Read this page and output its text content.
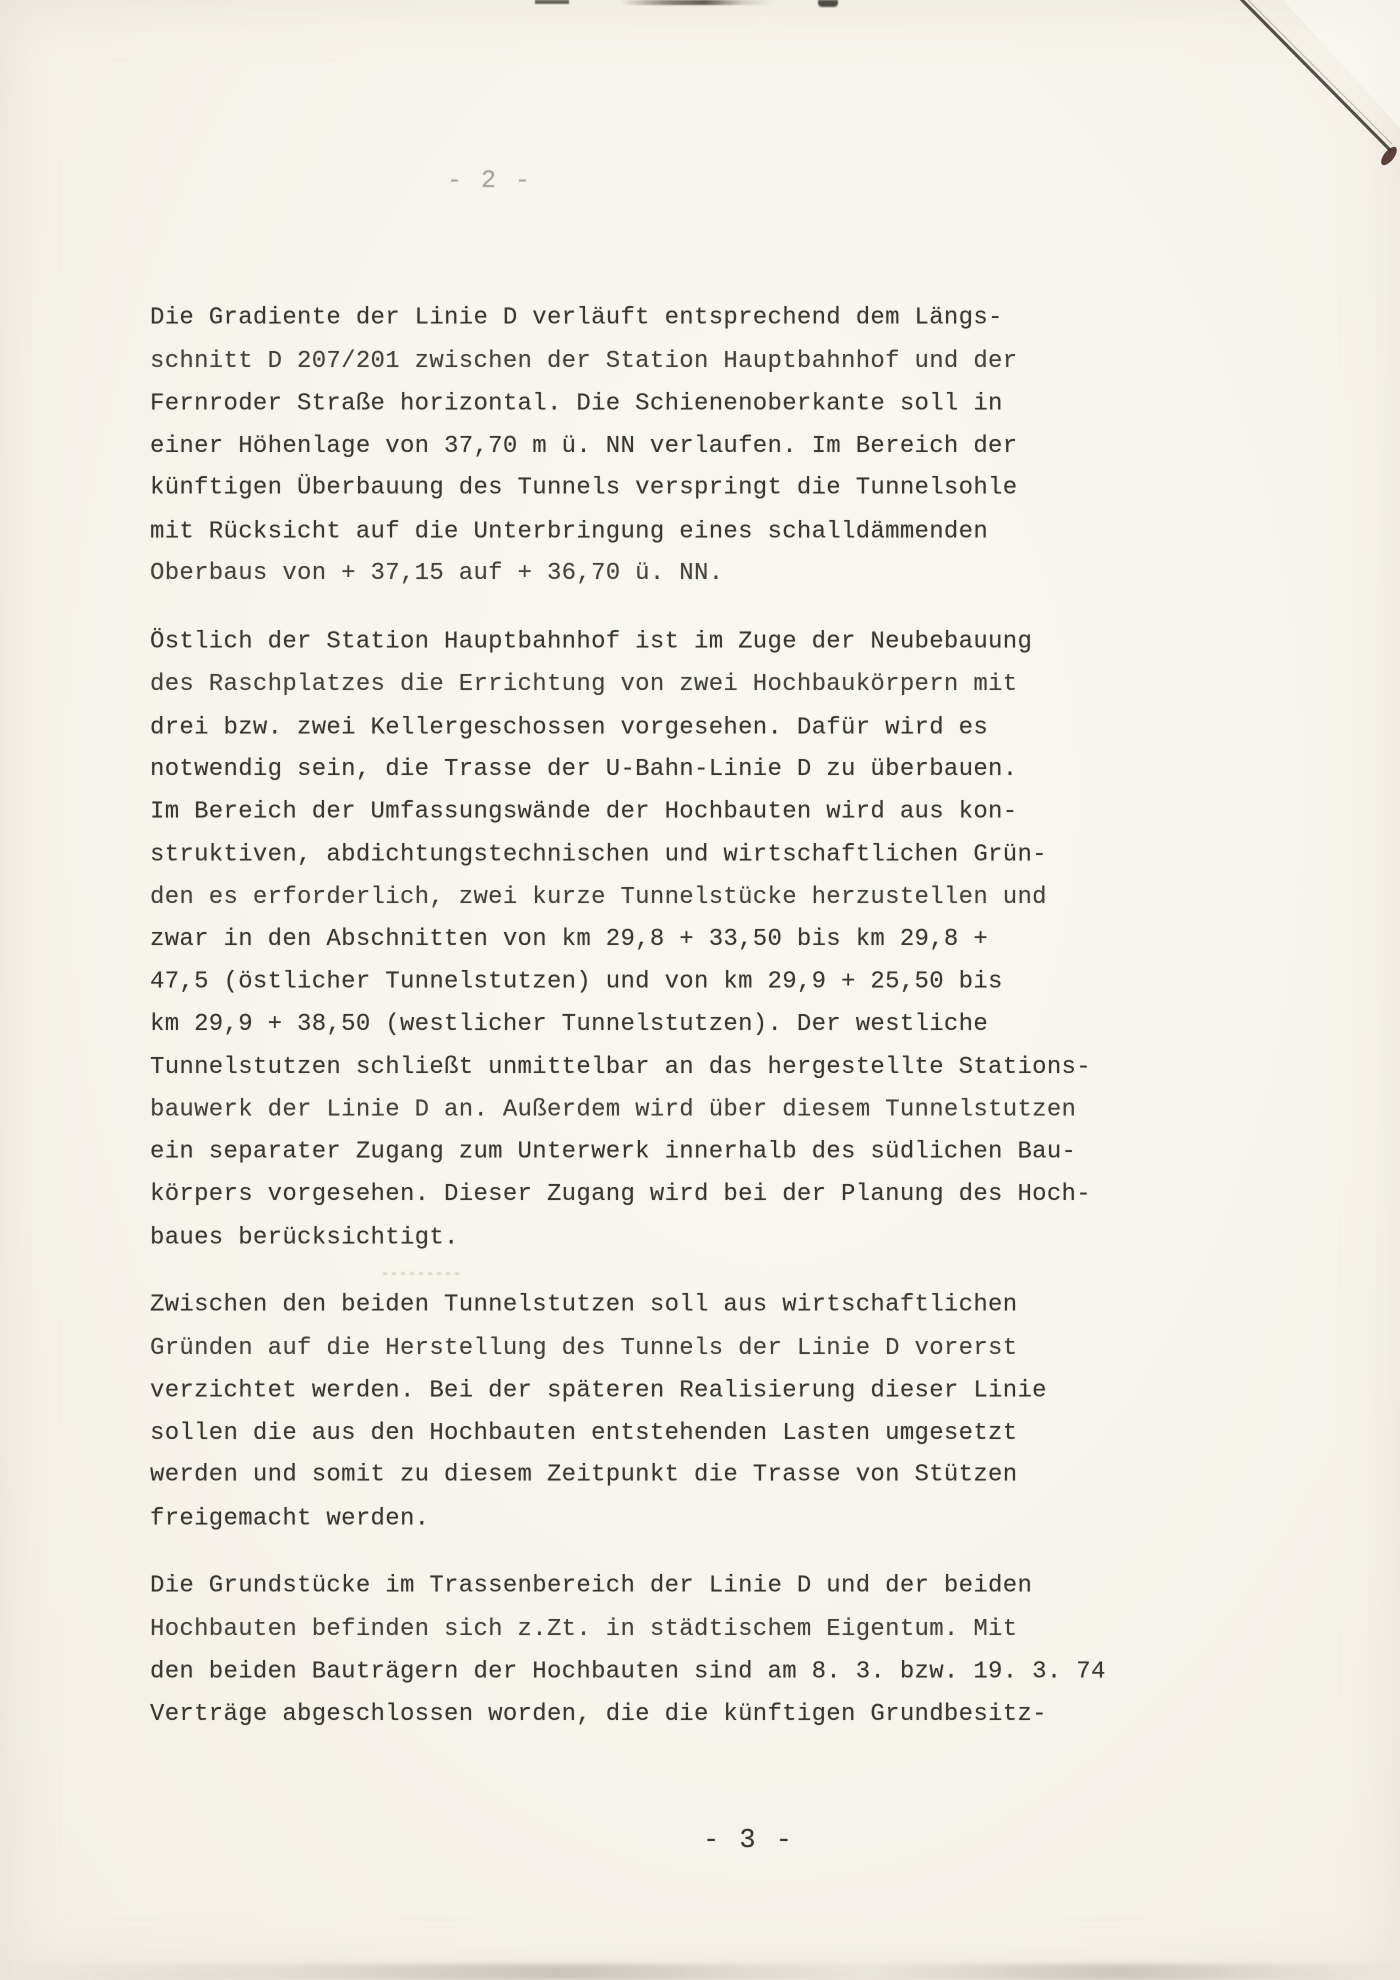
- 2 -
Die Gradiente der Linie D verläuft entsprechend dem Längs-
schnitt D 207/201 zwischen der Station Hauptbahnhof und der
Fernroder Straße horizontal. Die Schienenoberkante soll in
einer Höhenlage von 37,70 m ü. NN verlaufen. Im Bereich der
künftigen Überbauung des Tunnels verspringt die Tunnelsohle
mit Rücksicht auf die Unterbringung eines schalldämmenden
Oberbaus von + 37,15 auf + 36,70 ü. NN.
Östlich der Station Hauptbahnhof ist im Zuge der Neubebauung
des Raschplatzes die Errichtung von zwei Hochbaukörpern mit
drei bzw. zwei Kellergeschossen vorgesehen. Dafür wird es
notwendig sein, die Trasse der U-Bahn-Linie D zu überbauen.
Im Bereich der Umfassungswände der Hochbauten wird aus kon-
struktiven, abdichtungstechnischen und wirtschaftlichen Grün-
den es erforderlich, zwei kurze Tunnelstücke herzustellen und
zwar in den Abschnitten von km 29,8 + 33,50 bis km 29,8 +
47,5 (östlicher Tunnelstutzen) und von km 29,9 + 25,50 bis
km 29,9 + 38,50 (westlicher Tunnelstutzen). Der westliche
Tunnelstutzen schließt unmittelbar an das hergestellte Stations-
bauwerk der Linie D an. Außerdem wird über diesem Tunnelstutzen
ein separater Zugang zum Unterwerk innerhalb des südlichen Bau-
körpers vorgesehen. Dieser Zugang wird bei der Planung des Hoch-
baues berücksichtigt.
Zwischen den beiden Tunnelstutzen soll aus wirtschaftlichen
Gründen auf die Herstellung des Tunnels der Linie D vorerst
verzichtet werden. Bei der späteren Realisierung dieser Linie
sollen die aus den Hochbauten entstehenden Lasten umgesetzt
werden und somit zu diesem Zeitpunkt die Trasse von Stützen
freigemacht werden.
Die Grundstücke im Trassenbereich der Linie D und der beiden
Hochbauten befinden sich z.Zt. in städtischem Eigentum. Mit
den beiden Bauträgern der Hochbauten sind am 8. 3. bzw. 19. 3. 74
Verträge abgeschlossen worden, die die künftigen Grundbesitz-
- 3 -
